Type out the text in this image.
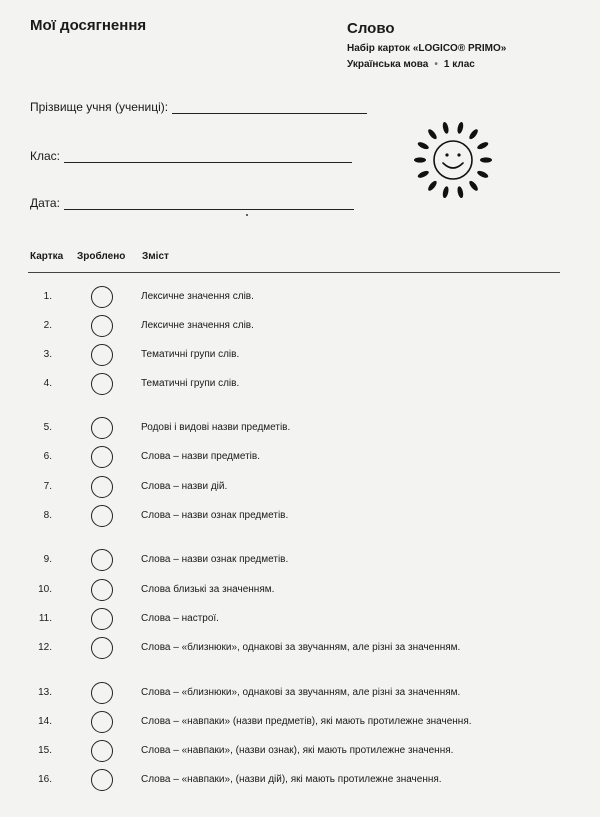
Мої досягнення	Слово
Набір карток «LOGICO® PRIMO»
Українська мова • 1 клас
Прізвище учня (учениці):
Клас:
Дата:
Картка Зроблено Зміст
1.	Лексичне значення слів.
2.	Лексичне значення слів.
3.	Тематичні групи слів.
4.	Тематичні групи слів.
5.	Родові і видові назви предметів.
6.	Слова – назви предметів.
7.	Слова – назви дій.
8.	Слова – назви ознак предметів.
9.	Слова – назви ознак предметів.
10.	Слова близькі за значенням.
11.	Слова – настрої.
12.	Слова – «близнюки», однакові за звучанням, але різні за значенням.
13.	Слова – «близнюки», однакові за звучанням, але різні за значенням.
14.	Слова – «навпаки» (назви предметів), які мають протилежне значення.
15.	Слова – «навпаки», (назви ознак), які мають протилежне значення.
16.	Слова – «навпаки», (назви дій), які мають протилежне значення.
